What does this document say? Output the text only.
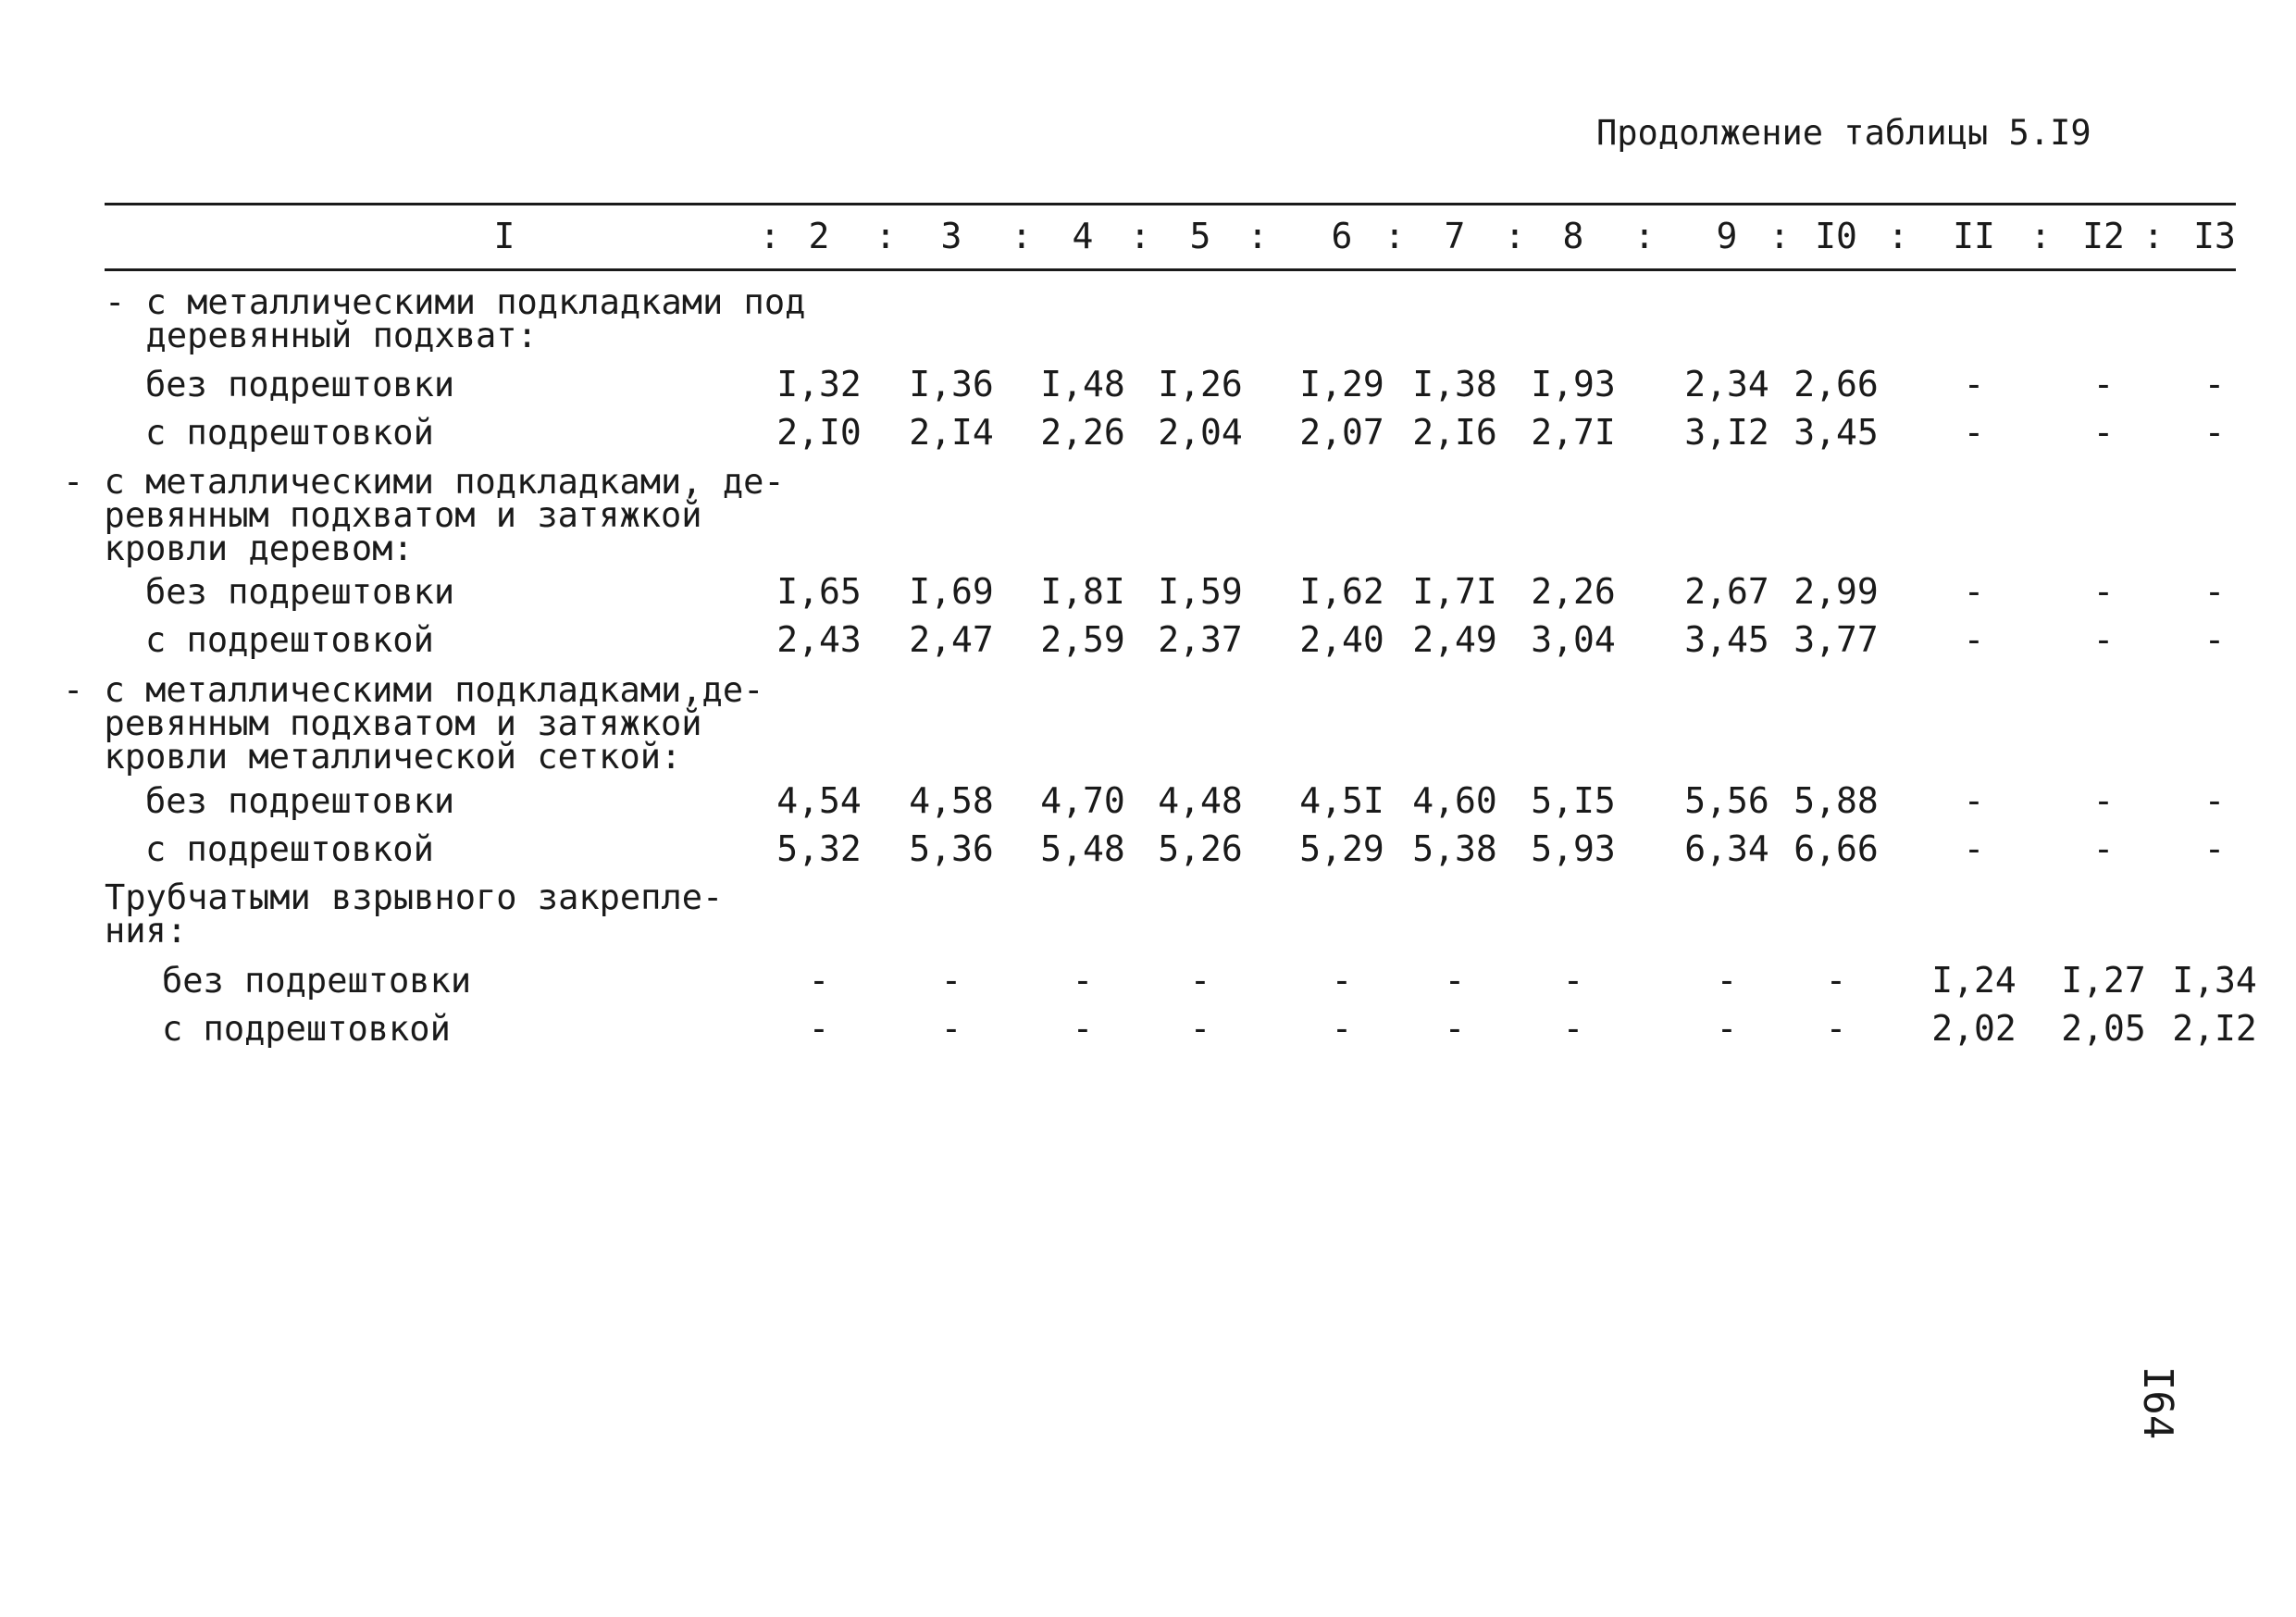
Продолжение таблицы 5.I9
I	2	3	4	5	6	7	8	9 I0	II I2 I3
:	:	:	:	:	:	:	:	:	:	:	:
- с металлическими подкладками под
деревянный подхват:
без подрештовки	I,32 I,36 I,48 I,26 I,29 I,38 I,93 2,34 2,66 -	-	-
с подрештовкой	2,I0 2,I4 2,26 2,04 2,07 2,I6 2,7I 3,I2 3,45 -	-	-
- с металлическими подкладками, де-
ревянным подхватом и затяжкой
кровли деревом:
без подрештовки	I,65 I,69 I,8I I,59 I,62 I,7I 2,26 2,67 2,99 -	-	-
с подрештовкой	2,43 2,47 2,59 2,37 2,40 2,49 3,04 3,45 3,77 -	-	-
- с металлическими подкладками,де-
ревянным подхватом и затяжкой
кровли металлической сеткой:
без подрештовки	4,54 4,58 4,70 4,48 4,5I 4,60 5,I5 5,56 5,88 -	-	-
с подрештовкой	5,32 5,36 5,48 5,26 5,29 5,38 5,93 6,34 6,66 -	-	-
Трубчатыми взрывного закрепле-
ния:
без подрештовки	-	-	-	-	-	-	-	-	- I,24 I,27 I,34
с подрештовкой	-	-	-	-	-	-	-	-	- 2,02 2,05 2,I2
I64
